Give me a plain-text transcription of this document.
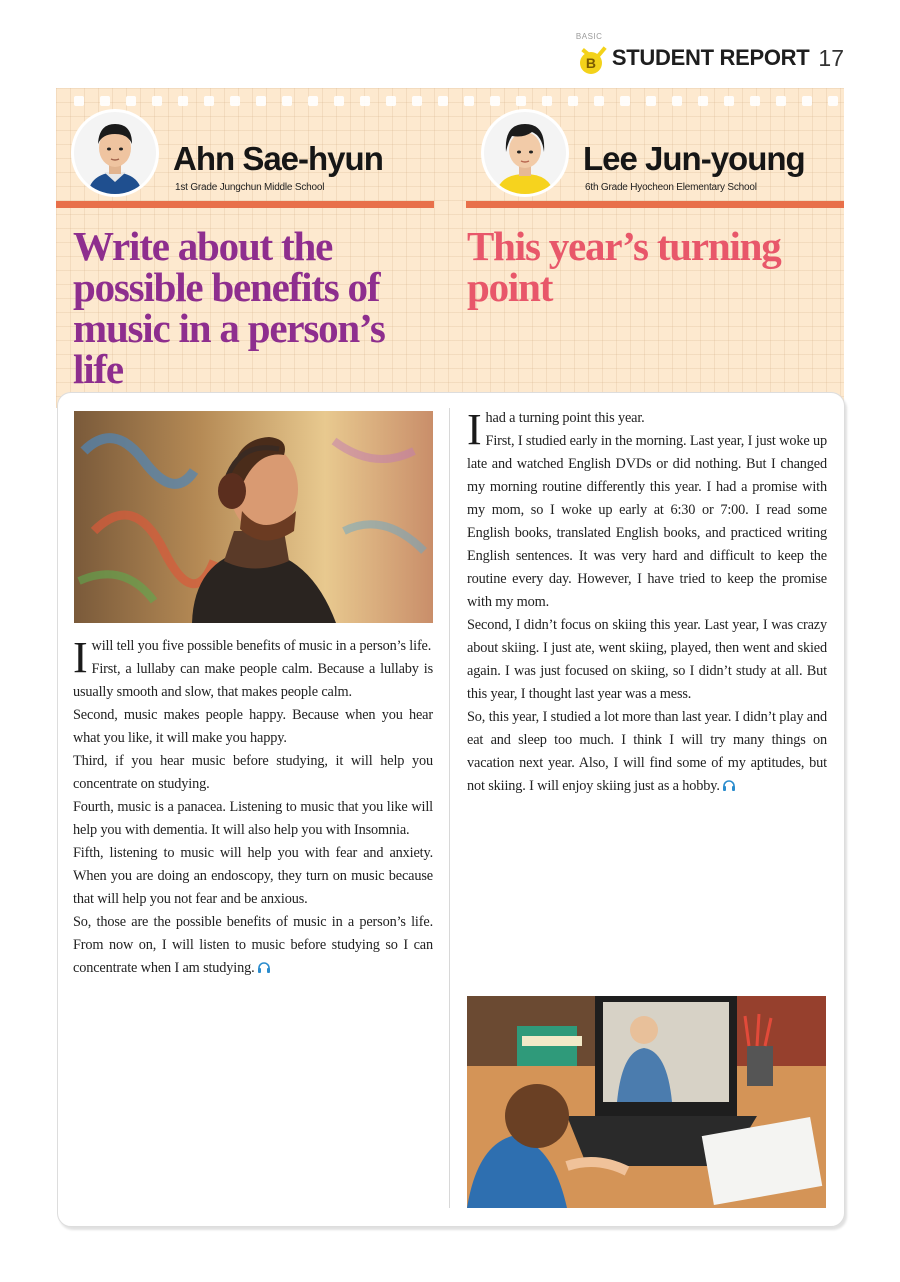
BASIC
B STUDENT REPORT 17
Ahn Sae-hyun
1st Grade Jungchun Middle School
Lee Jun-young
6th Grade Hyocheon Elementary School
Write about the possible benefits of music in a person’s life
This year’s turning point

I will tell you five possible benefits of music in a person’s life.

First, a lullaby can make people calm. Because a lullaby is usually smooth and slow, that makes people calm.

Second, music makes people happy. Because when you hear what you like, it will make you happy.

Third, if you hear music before studying, it will help you concentrate on studying.

Fourth, music is a panacea. Listening to music that you like will help you with dementia. It will also help you with Insomnia.

Fifth, listening to music will help you with fear and anxiety. When you are doing an endoscopy, they turn on music because that will help you not fear and be anxious.

So, those are the possible benefits of music in a person’s life. From now on, I will listen to music before studying so I can concentrate when I am studying.

I had a turning point this year.

First, I studied early in the morning. Last year, I just woke up late and watched English DVDs or did nothing. But I changed my morning routine differently this year. I had a promise with my mom, so I woke up early at 6:30 or 7:00. I read some English books, translated English books, and practiced writing English sentences. It was very hard and difficult to keep the routine every day. However, I have tried to keep the promise with my mom.

Second, I didn’t focus on skiing this year. Last year, I was crazy about skiing. I just ate, went skiing, played, then went and skied again. I was just focused on skiing, so I didn’t study at all. But this year, I thought last year was a mess.

So, this year, I studied a lot more than last year. I didn’t play and eat and sleep too much. I think I will try many things on vacation next year. Also, I will find some of my aptitudes, but not skiing. I will enjoy skiing just as a hobby.
